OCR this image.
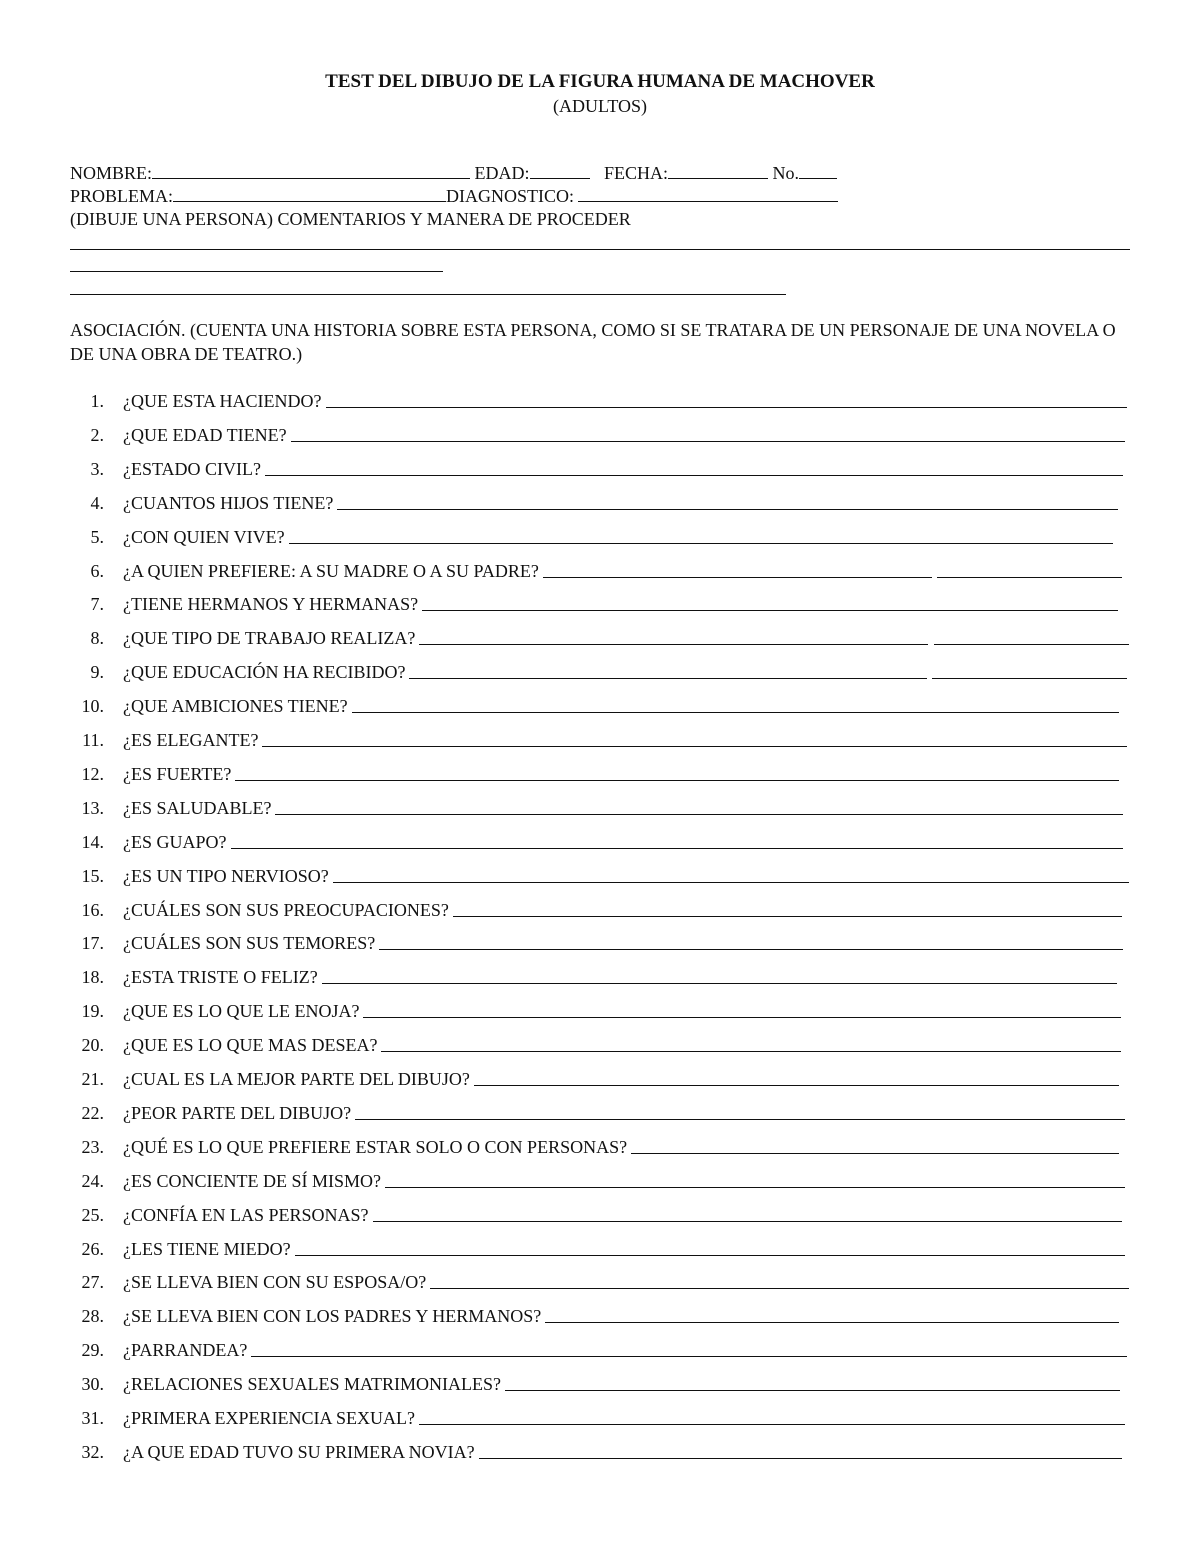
TEST DEL DIBUJO DE LA FIGURA HUMANA DE MACHOVER
(ADULTOS)
NOMBRE:	EDAD:	FECHA:	No.
PROBLEMA:	DIAGNOSTICO:
(DIBUJE UNA PERSONA) COMENTARIOS Y MANERA DE PROCEDER
ASOCIACIÓN. (CUENTA UNA HISTORIA SOBRE ESTA PERSONA, COMO SI SE TRATARA DE UN PERSONAJE DE UNA NOVELA O DE UNA OBRA DE TEATRO.)
1. ¿QUE ESTA HACIENDO?
2. ¿QUE EDAD TIENE?
3. ¿ESTADO CIVIL?
4. ¿CUANTOS HIJOS TIENE?
5. ¿CON QUIEN VIVE?
6. ¿A QUIEN PREFIERE: A SU MADRE O A SU PADRE?
7. ¿TIENE HERMANOS Y HERMANAS?
8. ¿QUE TIPO DE TRABAJO REALIZA?
9. ¿QUE EDUCACIÓN HA RECIBIDO?
10. ¿QUE AMBICIONES TIENE?
11. ¿ES ELEGANTE?
12. ¿ES FUERTE?
13. ¿ES SALUDABLE?
14. ¿ES GUAPO?
15. ¿ES UN TIPO NERVIOSO?
16. ¿CUÁLES SON SUS PREOCUPACIONES?
17. ¿CUÁLES SON SUS TEMORES?
18. ¿ESTA TRISTE O FELIZ?
19. ¿QUE ES LO QUE LE ENOJA?
20. ¿QUE ES LO QUE MAS DESEA?
21. ¿CUAL ES LA MEJOR PARTE DEL DIBUJO?
22. ¿PEOR PARTE DEL DIBUJO?
23. ¿QUÉ ES LO QUE PREFIERE ESTAR SOLO O CON PERSONAS?
24. ¿ES CONCIENTE DE SÍ MISMO?
25. ¿CONFÍA EN LAS PERSONAS?
26. ¿LES TIENE MIEDO?
27. ¿SE LLEVA BIEN CON SU ESPOSA/O?
28. ¿SE LLEVA BIEN CON LOS PADRES Y HERMANOS?
29. ¿PARRANDEA?
30. ¿RELACIONES SEXUALES MATRIMONIALES?
31. ¿PRIMERA EXPERIENCIA SEXUAL?
32. ¿A QUE EDAD TUVO SU PRIMERA NOVIA?
